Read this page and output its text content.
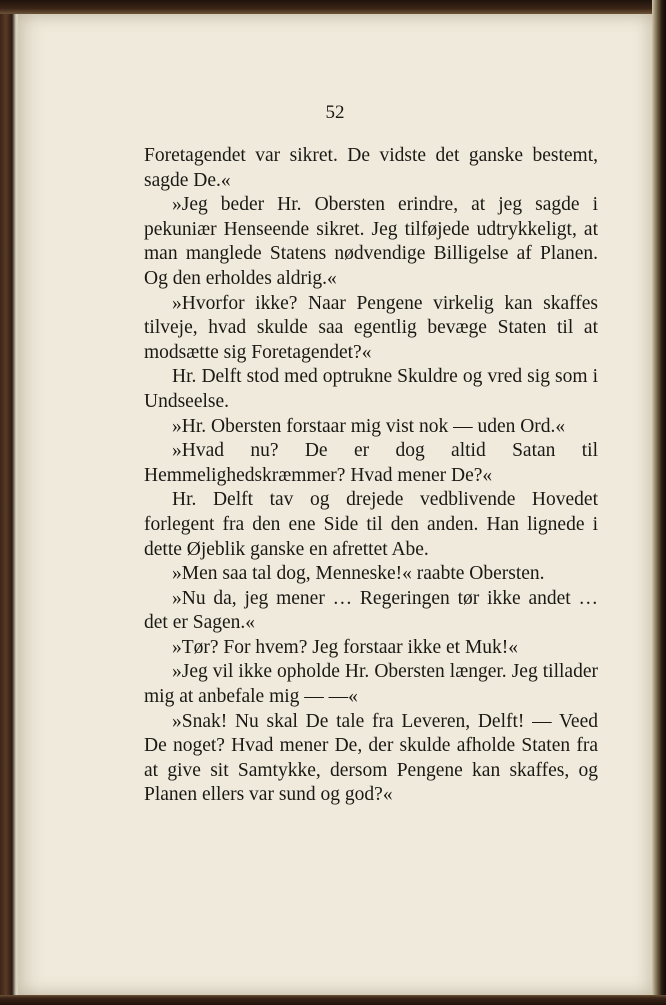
52

Foretagendet var sikret. De vidste det ganske bestemt, sagde De.«

»Jeg beder Hr. Obersten erindre, at jeg sagde i pekuniær Henseende sikret. Jeg tilføjede udtrykkeligt, at man manglede Statens nødvendige Billigelse af Planen. Og den erholdes aldrig.«

»Hvorfor ikke? Naar Pengene virkelig kan skaffes tilveje, hvad skulde saa egentlig bevæge Staten til at modsætte sig Foretagendet?«

Hr. Delft stod med optrukne Skuldre og vred sig som i Undseelse.

»Hr. Obersten forstaar mig vist nok — uden Ord.«

»Hvad nu? De er dog altid Satan til Hemmelighedskræmmer? Hvad mener De?«

Hr. Delft tav og drejede vedblivende Hovedet forlegent fra den ene Side til den anden. Han lignede i dette Øjeblik ganske en afrettet Abe.

»Men saa tal dog, Menneske!« raabte Obersten.

»Nu da, jeg mener … Regeringen tør ikke andet … det er Sagen.«

»Tør? For hvem? Jeg forstaar ikke et Muk!«

»Jeg vil ikke opholde Hr. Obersten længer. Jeg tillader mig at anbefale mig — —«

»Snak! Nu skal De tale fra Leveren, Delft! — Veed De noget? Hvad mener De, der skulde afholde Staten fra at give sit Samtykke, dersom Pengene kan skaffes, og Planen ellers var sund og god?«
